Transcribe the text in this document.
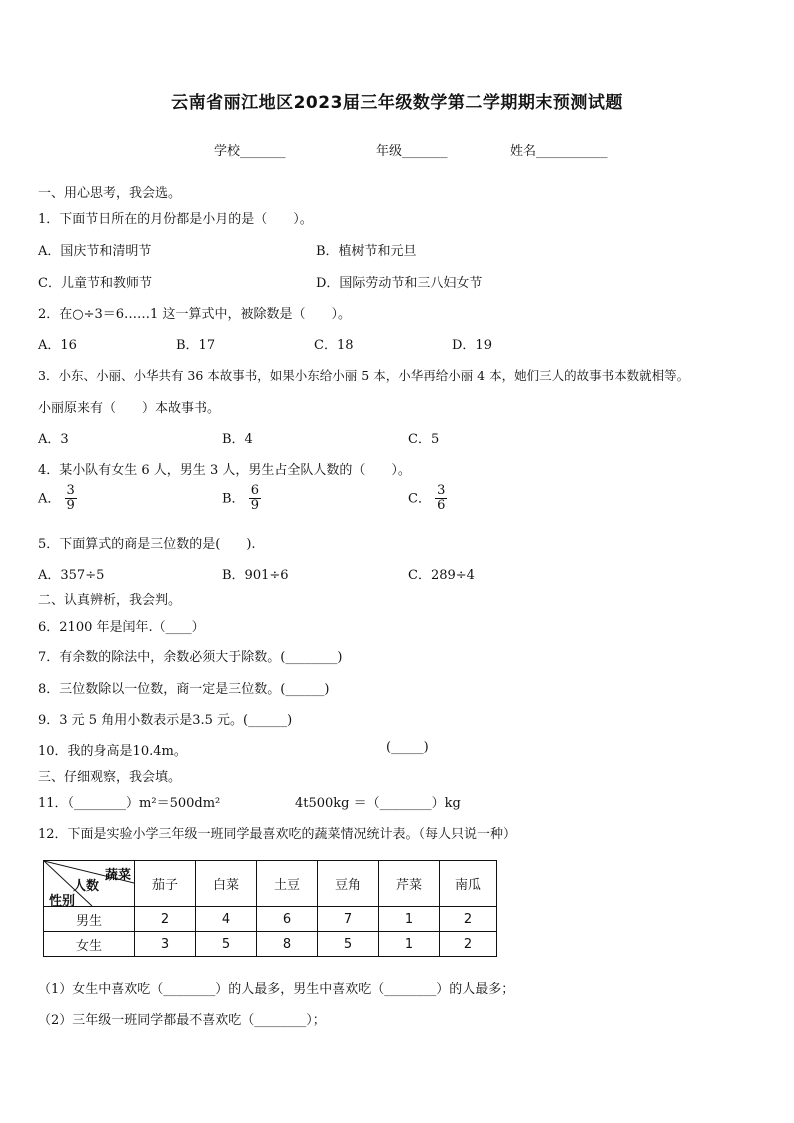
云南省丽江地区2023届三年级数学第二学期期末预测试题
学校_______	年级_______	姓名___________
一、用心思考，我会选。
1．下面节日所在的月份都是小月的是（　　）。
A．国庆节和清明节	B．植树节和元旦
C．儿童节和教师节	D．国际劳动节和三八妇女节
2．在○÷3＝6……1 这一算式中，被除数是（　　）。
A．16	B．17	C．18	D．19
3．小东、小丽、小华共有 36 本故事书，如果小东给小丽 5 本，小华再给小丽 4 本，她们三人的故事书本数就相等。
小丽原来有（　　）本故事书。
A．3	B．4	C．5
4．某小队有女生 6 人，男生 3 人，男生占全队人数的（　　）。
A． $\frac{3}{9}$	B． $\frac{6}{9}$	C． $\frac{3}{6}$
5．下面算式的商是三位数的是(　　).
A．357÷5	B．901÷6	C．289÷4
二、认真辨析，我会判。
6．2100 年是闰年.（____）
7．有余数的除法中，余数必须大于除数。(________)
8．三位数除以一位数，商一定是三位数。(______)
9．3 元 5 角用小数表示是3.5 元。(______)
10．我的身高是10.4m。	(_____)
三、仔细观察，我会填。
11．（________）m²＝500dm²	4t500kg ＝（________）kg
12．下面是实验小学三年级一班同学最喜欢吃的蔬菜情况统计表。（每人只说一种）
蔬菜
人数
性别	茄子	白菜	土豆	豆角	芹菜	南瓜
男生	2	4	6	7	1	2
女生	3	5	8	5	1	2
（1）女生中喜欢吃（________）的人最多，男生中喜欢吃（________）的人最多；
（2）三年级一班同学都最不喜欢吃（________）；
